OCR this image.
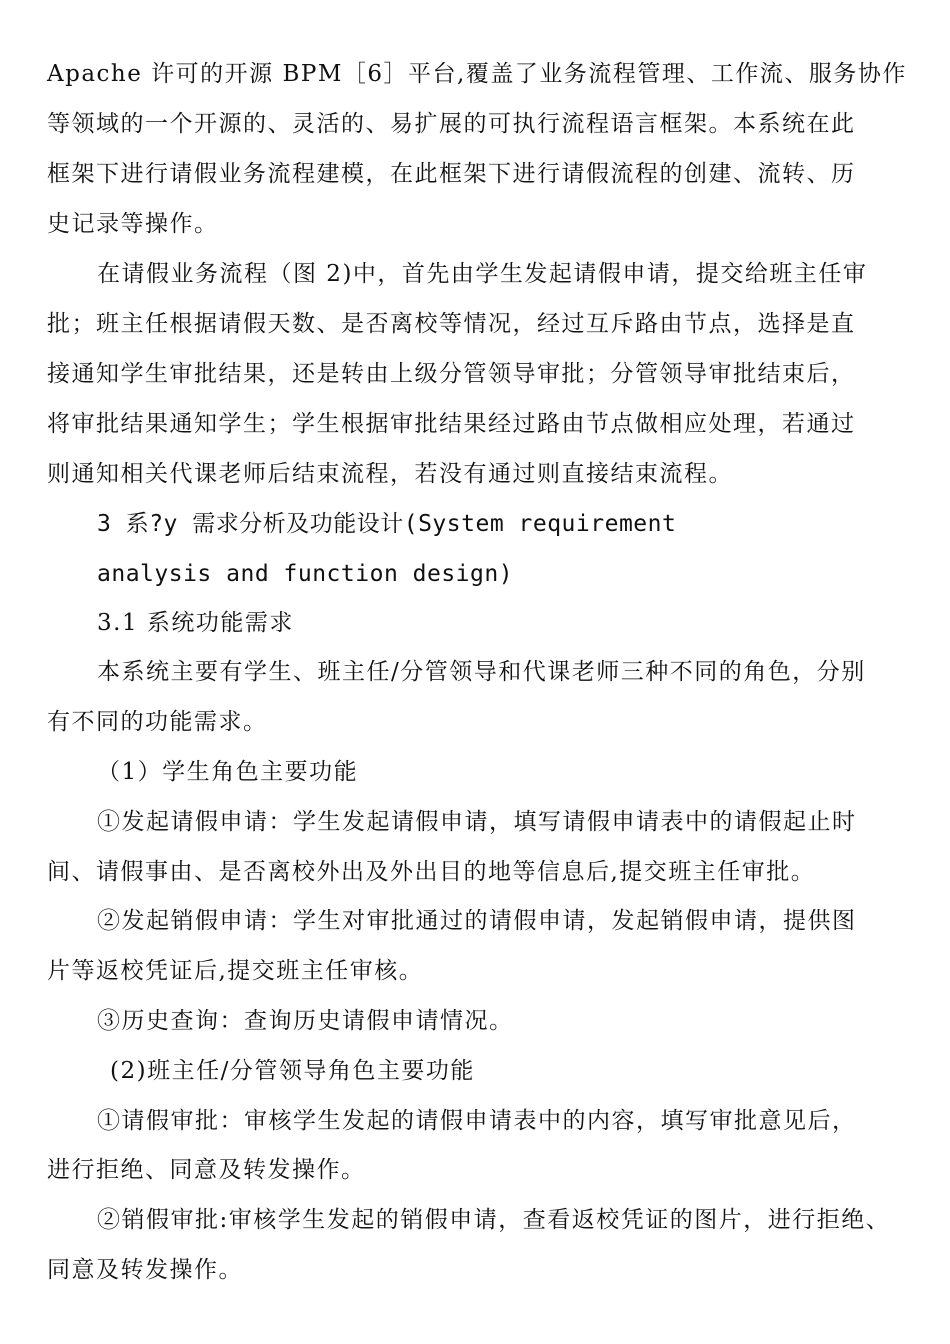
Apache 许可的开源 BPM［6］平台,覆盖了业务流程管理、工作流、服务协作
等领域的一个开源的、灵活的、易扩展的可执行流程语言框架。本系统在此
框架下进行请假业务流程建模，在此框架下进行请假流程的创建、流转、历
史记录等操作。
在请假业务流程（图 2)中，首先由学生发起请假申请，提交给班主任审
批；班主任根据请假天数、是否离校等情况，经过互斥路由节点，选择是直
接通知学生审批结果，还是转由上级分管领导审批；分管领导审批结束后，
将审批结果通知学生；学生根据审批结果经过路由节点做相应处理，若通过
则通知相关代课老师后结束流程，若没有通过则直接结束流程。
3 系?y 需求分析及功能设计(System requirement
analysis and function design)
3.1 系统功能需求
本系统主要有学生、班主任/分管领导和代课老师三种不同的角色，分别
有不同的功能需求。
（1）学生角色主要功能
①发起请假申请：学生发起请假申请，填写请假申请表中的请假起止时
间、请假事由、是否离校外出及外出目的地等信息后,提交班主任审批。
②发起销假申请：学生对审批通过的请假申请，发起销假申请，提供图
片等返校凭证后,提交班主任审核。
③历史查询：查询历史请假申请情况。
(2)班主任/分管领导角色主要功能
①请假审批：审核学生发起的请假申请表中的内容，填写审批意见后，
进行拒绝、同意及转发操作。
②销假审批:审核学生发起的销假申请，查看返校凭证的图片，进行拒绝、
同意及转发操作。
